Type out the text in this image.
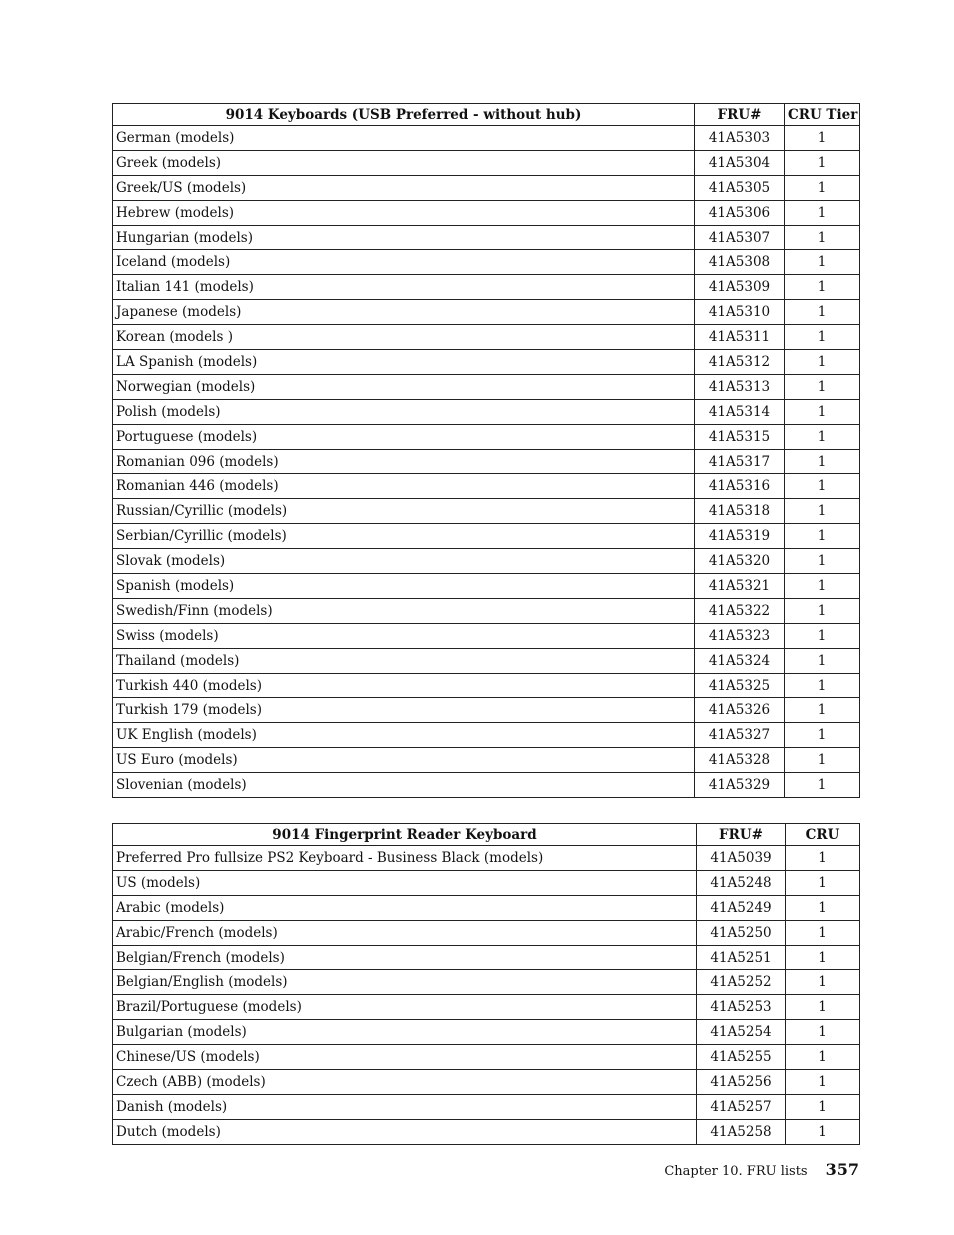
9014 Keyboards (USB Preferred - without hub)	FRU#	CRU Tier
German (models)	41A5303	1
Greek (models)	41A5304	1
Greek/US (models)	41A5305	1
Hebrew (models)	41A5306	1
Hungarian (models)	41A5307	1
Iceland (models)	41A5308	1
Italian 141 (models)	41A5309	1
Japanese (models)	41A5310	1
Korean (models )	41A5311	1
LA Spanish (models)	41A5312	1
Norwegian (models)	41A5313	1
Polish (models)	41A5314	1
Portuguese (models)	41A5315	1
Romanian 096 (models)	41A5317	1
Romanian 446 (models)	41A5316	1
Russian/Cyrillic (models)	41A5318	1
Serbian/Cyrillic (models)	41A5319	1
Slovak (models)	41A5320	1
Spanish (models)	41A5321	1
Swedish/Finn (models)	41A5322	1
Swiss (models)	41A5323	1
Thailand (models)	41A5324	1
Turkish 440 (models)	41A5325	1
Turkish 179 (models)	41A5326	1
UK English (models)	41A5327	1
US Euro (models)	41A5328	1
Slovenian (models)	41A5329	1
9014 Fingerprint Reader Keyboard	FRU#	CRU
Preferred Pro fullsize PS2 Keyboard - Business Black (models)	41A5039	1
US (models)	41A5248	1
Arabic (models)	41A5249	1
Arabic/French (models)	41A5250	1
Belgian/French (models)	41A5251	1
Belgian/English (models)	41A5252	1
Brazil/Portuguese (models)	41A5253	1
Bulgarian (models)	41A5254	1
Chinese/US (models)	41A5255	1
Czech (ABB) (models)	41A5256	1
Danish (models)	41A5257	1
Dutch (models)	41A5258	1
Chapter 10. FRU lists 357
